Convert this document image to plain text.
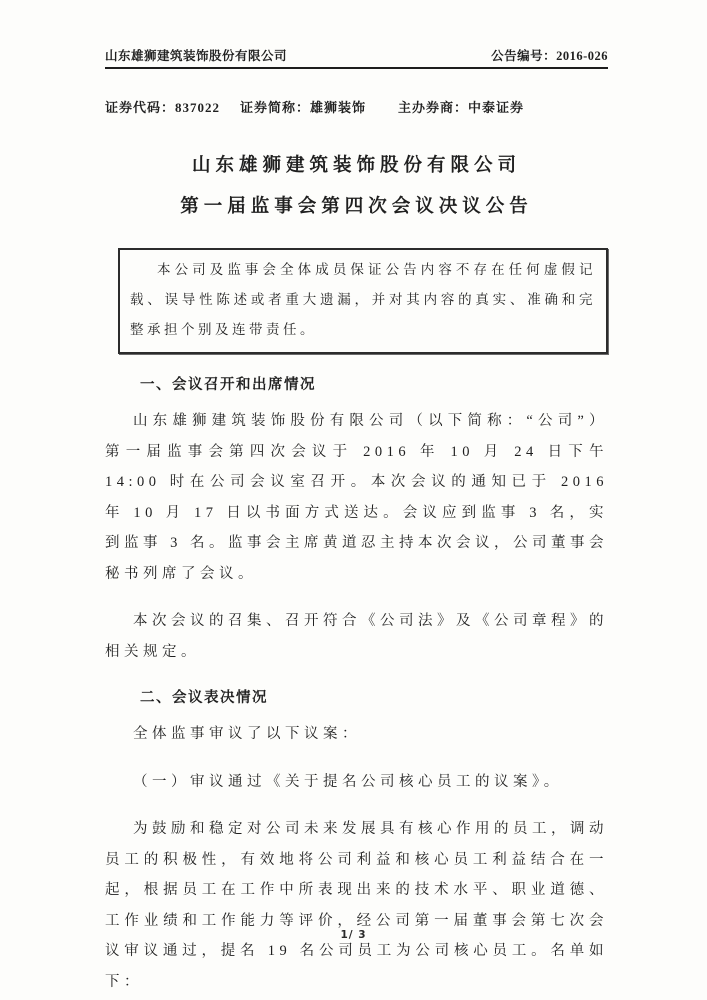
山东雄狮建筑装饰股份有限公司	公告编号：2016-026
证券代码：837022 证券简称：雄狮装饰 主办券商：中泰证券
山东雄狮建筑装饰股份有限公司
第一届监事会第四次会议决议公告

本公司及监事会全体成员保证公告内容不存在任何虚假记载、误导性陈述或者重大遗漏，并对其内容的真实、准确和完整承担个别及连带责任。

一、会议召开和出席情况

山东雄狮建筑装饰股份有限公司（以下简称：“公司”）第一届监事会第四次会议于 2016 年 10 月 24 日下午 14:00 时在公司会议室召开。本次会议的通知已于 2016 年 10 月 17 日以书面方式送达。会议应到监事 3 名，实到监事 3 名。监事会主席黄道忍主持本次会议，公司董事会秘书列席了会议。

本次会议的召集、召开符合《公司法》及《公司章程》的相关规定。

二、会议表决情况

全体监事审议了以下议案：

（一）审议通过《关于提名公司核心员工的议案》。

为鼓励和稳定对公司未来发展具有核心作用的员工，调动员工的积极性，有效地将公司利益和核心员工利益结合在一起，根据员工在工作中所表现出来的技术水平、职业道德、工作业绩和工作能力等评价，经公司第一届董事会第七次会议审议通过，提名 19 名公司员工为公司核心员工。名单如下：

1/ 3
